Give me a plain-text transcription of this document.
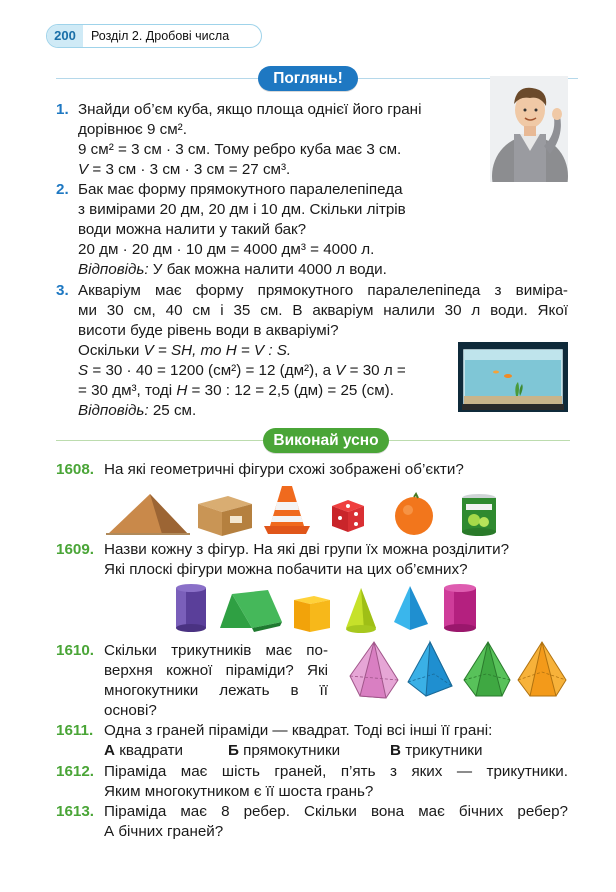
200	Розділ 2. Дробові числа
Поглянь!
1. Знайди об’єм куба, якщо площа однієї його грані
дорівнює 9 см².
9 см² = 3 см · 3 см. Тому ребро куба має 3 см.
V = 3 см · 3 см · 3 см = 27 см³.
2. Бак має форму прямокутного паралелепіпеда
з вимірами 20 дм, 20 дм і 10 дм. Скільки літрів
води можна налити у такий бак?
20 дм · 20 дм · 10 дм = 4000 дм³ = 4000 л.
Відповідь: У бак можна налити 4000 л води.
3. Акваріум має форму прямокутного паралелепіпеда з виміра-
ми 30 см, 40 см і 35 см. В акваріум налили 30 л води. Якої
висоти буде рівень води в акваріумі?
Оскільки V = SH, то H = V : S.
S = 30 · 40 = 1200 (см²) = 12 (дм²), а V = 30 л =
= 30 дм³, тоді H = 30 : 12 = 2,5 (дм) = 25 (см).
Відповідь: 25 см.
Виконай усно
1608. На які геометричні фігури схожі зображені об’єкти?
1609. Назви кожну з фігур. На які дві групи їх можна розділити?
Які плоскі фігури можна побачити на цих об’ємних?
1610. Скільки трикутників має по-
верхня кожної піраміди? Які
многокутники лежать в її
основі?
1611. Одна з граней піраміди — квадрат. Тоді всі інші її грані:
А квадрати	Б прямокутники	В трикутники
1612. Піраміда має шість граней, п’ять з яких — трикутники.
Яким многокутником є її шоста грань?
1613. Піраміда має 8 ребер. Скільки вона має бічних ребер?
А бічних граней?
